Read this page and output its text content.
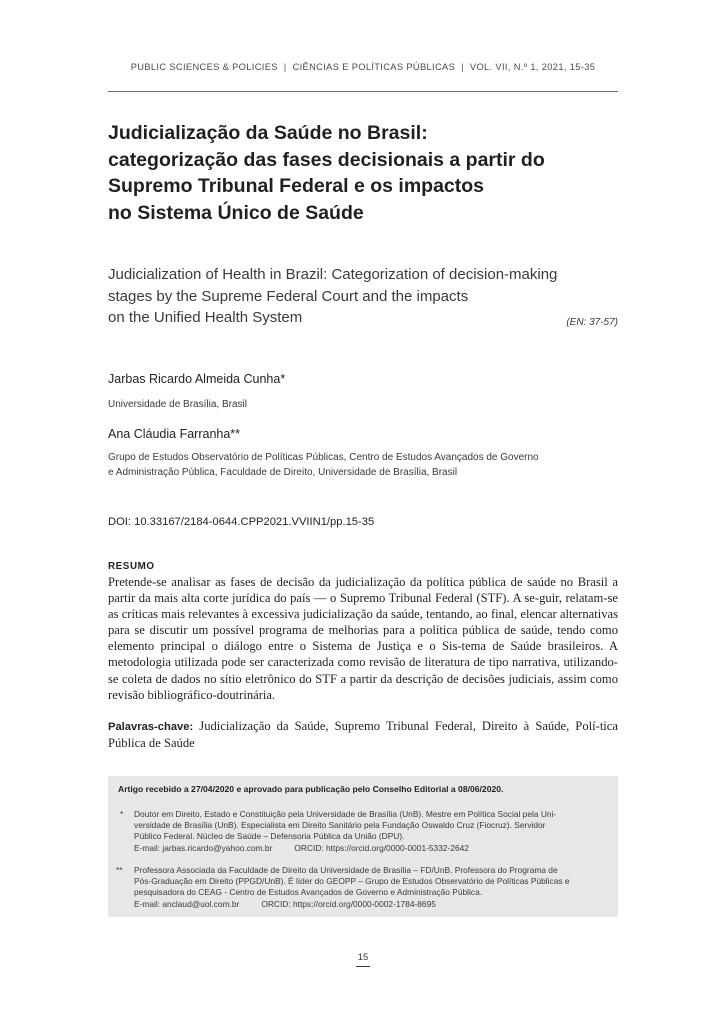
PUBLIC SCIENCES & POLICIES | CIÊNCIAS E POLÍTICAS PÚBLICAS | VOL. VII, N.º 1, 2021, 15-35
Judicialização da Saúde no Brasil:
categorização das fases decisionais a partir do
Supremo Tribunal Federal e os impactos
no Sistema Único de Saúde
Judicialization of Health in Brazil: Categorization of decision-making
stages by the Supreme Federal Court and the impacts
on the Unified Health System	(EN: 37-57)
Jarbas Ricardo Almeida Cunha*
Universidade de Brasília, Brasil
Ana Cláudia Farranha**
Grupo de Estudos Observatório de Políticas Públicas, Centro de Estudos Avançados de Governo
e Administração Pública, Faculdade de Direito, Universidade de Brasília, Brasil
DOI: 10.33167/2184-0644.CPP2021.VVIIN1/pp.15-35
RESUMO

Pretende-se analisar as fases de decisão da judicialização da política pública de saúde no Brasil a partir da mais alta corte jurídica do país — o Supremo Tribunal Federal (STF). A se-guir, relatam-se as críticas mais relevantes à excessiva judicialização da saúde, tentando, ao final, elencar alternativas para se discutir um possível programa de melhorias para a política pública de saúde, tendo como elemento principal o diálogo entre o Sistema de Justiça e o Sis-tema de Saúde brasileiros. A metodologia utilizada pode ser caracterizada como revisão de literatura de tipo narrativa, utilizando-se coleta de dados no sítio eletrônico do STF a partir da descrição de decisões judiciais, assim como revisão bibliográfico-doutrinária.

Palavras-chave: Judicialização da Saúde, Supremo Tribunal Federal, Direito à Saúde, Polí-tica Pública de Saúde

Artigo recebido a 27/04/2020 e aprovado para publicação pelo Conselho Editorial a 08/06/2020.
* Doutor em Direito, Estado e Constituição pela Universidade de Brasília (UnB). Mestre em Política Social pela Uni-
versidade de Brasília (UnB). Especialista em Direito Sanitário pela Fundação Oswaldo Cruz (Fiocruz). Servidor
Público Federal. Núcleo de Saúde – Defensoria Pública da União (DPU).
E-mail: jarbas.ricardo@yahoo.com.br	ORCID: https://orcid.org/0000-0001-5332-2642
** Professora Associada da Faculdade de Direito da Universidade de Brasília – FD/UnB. Professora do Programa de
Pós-Graduação em Direito (PPGD/UnB). É líder do GEOPP – Grupo de Estudos Observatório de Políticas Públicas e
pesquisadora do CEAG - Centro de Estudos Avançados de Governo e Administração Pública.
E-mail: anclaud@uol.com.br	ORCID: https://orcid.org/0000-0002-1784-8695
15
